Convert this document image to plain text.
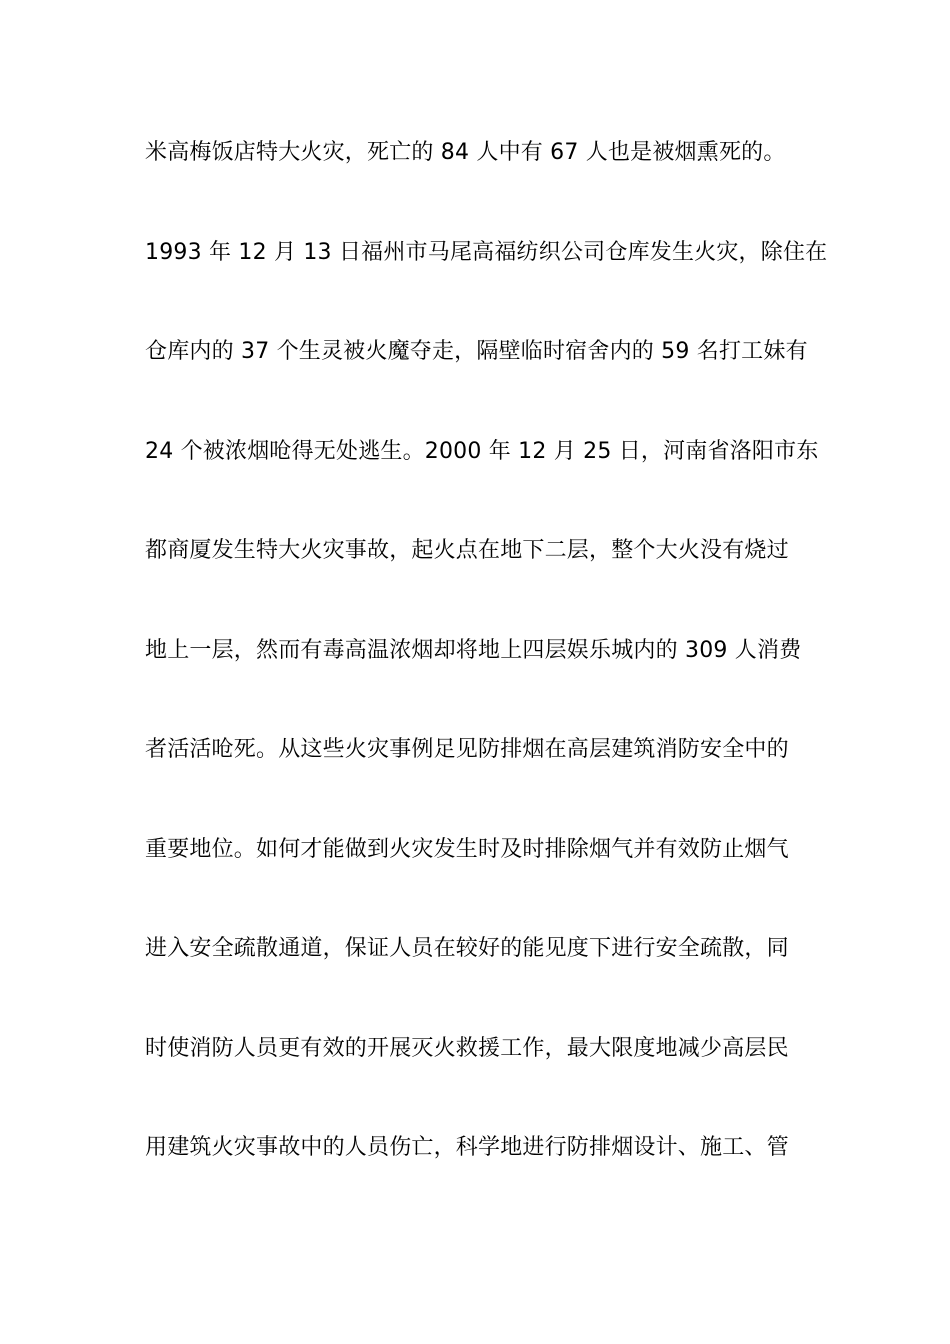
米高梅饭店特大火灾，死亡的 84 人中有 67 人也是被烟熏死的。
1993 年 12 月 13 日福州市马尾高福纺织公司仓库发生火灾，除住在
仓库内的 37 个生灵被火魔夺走，隔壁临时宿舍内的 59 名打工妹有
24 个被浓烟呛得无处逃生。2000 年 12 月 25 日，河南省洛阳市东
都商厦发生特大火灾事故，起火点在地下二层，整个大火没有烧过
地上一层，然而有毒高温浓烟却将地上四层娱乐城内的 309 人消费
者活活呛死。从这些火灾事例足见防排烟在高层建筑消防安全中的
重要地位。如何才能做到火灾发生时及时排除烟气并有效防止烟气
进入安全疏散通道，保证人员在较好的能见度下进行安全疏散，同
时使消防人员更有效的开展灭火救援工作，最大限度地减少高层民
用建筑火灾事故中的人员伤亡，科学地进行防排烟设计、施工、管
